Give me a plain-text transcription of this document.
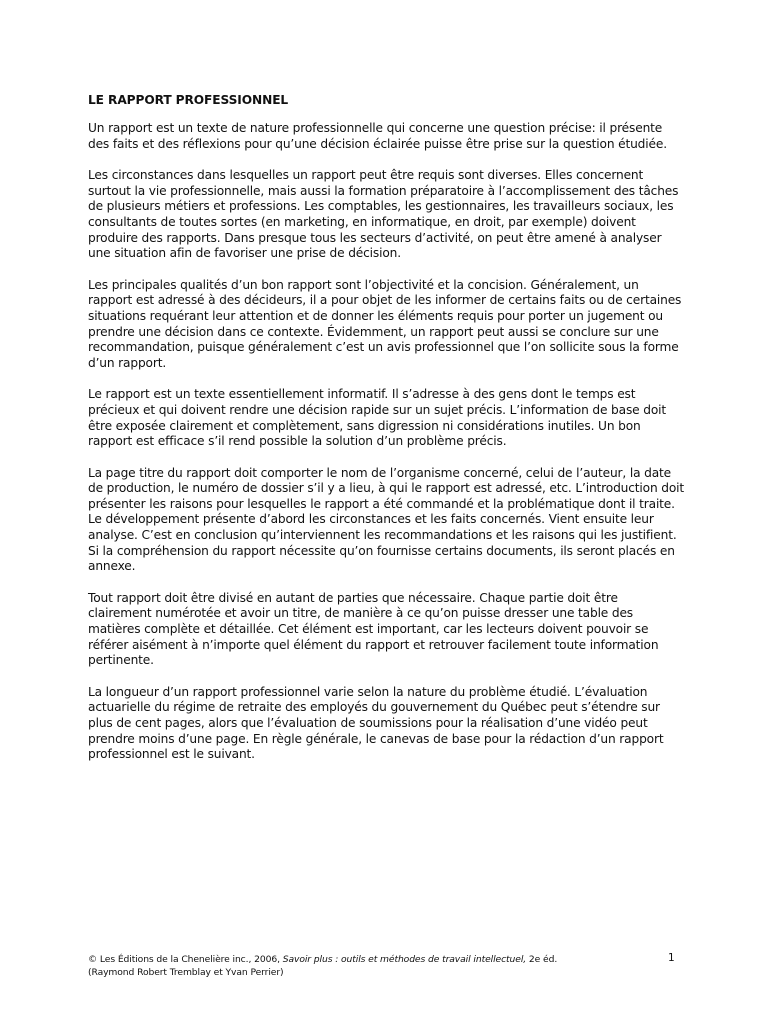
LE RAPPORT PROFESSIONNEL

Un rapport est un texte de nature professionnelle qui concerne une question précise: il présente des faits et des réflexions pour qu’une décision éclairée puisse être prise sur la question étudiée.

Les circonstances dans lesquelles un rapport peut être requis sont diverses. Elles concernent surtout la vie professionnelle, mais aussi la formation préparatoire à l’accomplissement des tâches de plusieurs métiers et professions. Les comptables, les gestionnaires, les travailleurs sociaux, les consultants de toutes sortes (en marketing, en informatique, en droit, par exemple) doivent produire des rapports. Dans presque tous les secteurs d’activité, on peut être amené à analyser une situation afin de favoriser une prise de décision.

Les principales qualités d’un bon rapport sont l’objectivité et la concision. Généralement, un rapport est adressé à des décideurs, il a pour objet de les informer de certains faits ou de certaines situations requérant leur attention et de donner les éléments requis pour porter un jugement ou prendre une décision dans ce contexte. Évidemment, un rapport peut aussi se conclure sur une recommandation, puisque généralement c’est un avis professionnel que l’on sollicite sous la forme d’un rapport.

Le rapport est un texte essentiellement informatif. Il s’adresse à des gens dont le temps est précieux et qui doivent rendre une décision rapide sur un sujet précis. L’information de base doit être exposée clairement et complètement, sans digression ni considérations inutiles. Un bon rapport est efficace s’il rend possible la solution d’un problème précis.

La page titre du rapport doit comporter le nom de l’organisme concerné, celui de l’auteur, la date de production, le numéro de dossier s’il y a lieu, à qui le rapport est adressé, etc. L’introduction doit présenter les raisons pour lesquelles le rapport a été commandé et la problématique dont il traite. Le développement présente d’abord les circonstances et les faits concernés. Vient ensuite leur analyse. C’est en conclusion qu’interviennent les recommandations et les raisons qui les justifient. Si la compréhension du rapport nécessite qu’on fournisse certains documents, ils seront placés en annexe.

Tout rapport doit être divisé en autant de parties que nécessaire. Chaque partie doit être clairement numérotée et avoir un titre, de manière à ce qu’on puisse dresser une table des matières complète et détaillée. Cet élément est important, car les lecteurs doivent pouvoir se référer aisément à n’importe quel élément du rapport et retrouver facilement toute information pertinente.

La longueur d’un rapport professionnel varie selon la nature du problème étudié. L’évaluation actuarielle du régime de retraite des employés du gouvernement du Québec peut s’étendre sur plus de cent pages, alors que l’évaluation de soumissions pour la réalisation d’une vidéo peut prendre moins d’une page. En règle générale, le canevas de base pour la rédaction d’un rapport professionnel est le suivant.

© Les Éditions de la Chenelière inc., 2006, Savoir plus : outils et méthodes de travail intellectuel, 2e éd.
(Raymond Robert Tremblay et Yvan Perrier)
1
